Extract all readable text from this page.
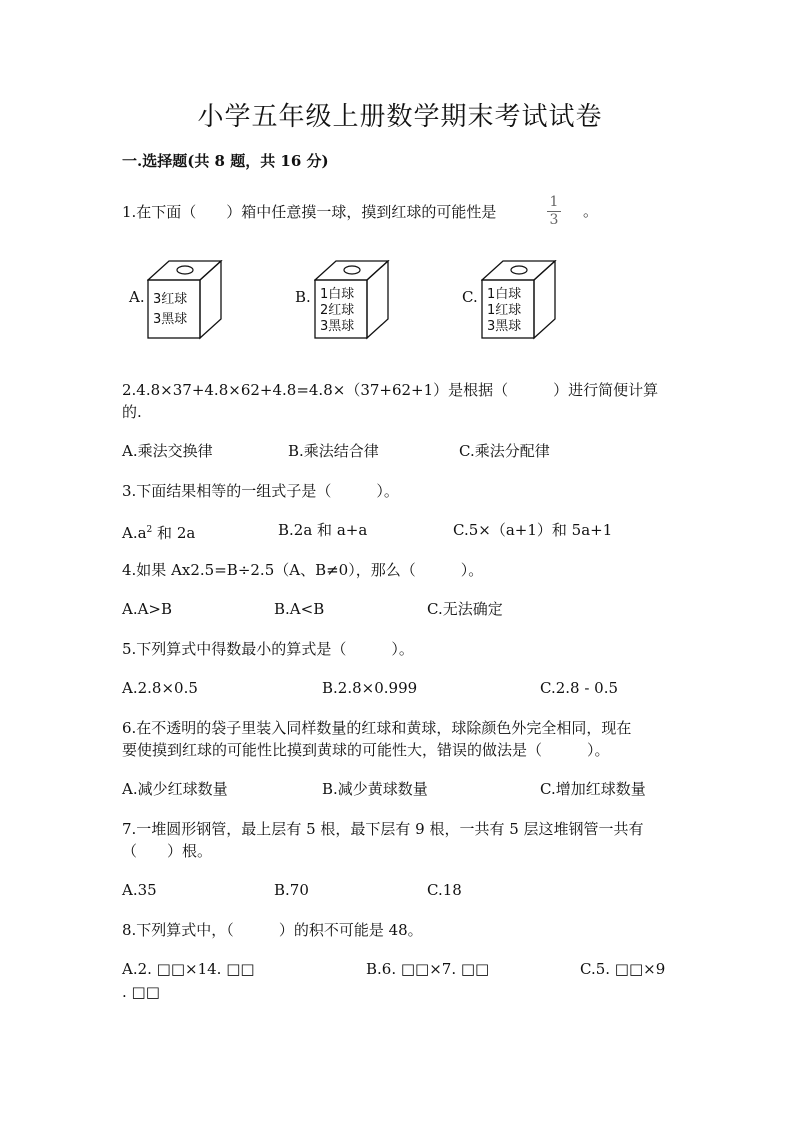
小学五年级上册数学期末考试试卷
一.选择题(共 8 题，共 16 分)
1.在下面（　　）箱中任意摸一球，摸到红球的可能性是
1
3 。
A. 3红球
3黑球
B. 1白球
2红球
3黑球
C. 1白球
1红球
3黑球
2.4.8×37+4.8×62+4.8=4.8×（37+62+1）是根据（　　　）进行简便计算
的.
A.乘法交换律	B.乘法结合律	C.乘法分配律
3.下面结果相等的一组式子是（　　　）。
$A.a^2$ 和 2a	B.2a 和 a+a	C.5×（a+1）和 5a+1
4.如果 Ax2.5=B÷2.5（A、B≠0），那么（　　　）。
A.A>B	B.A<B	C.无法确定
5.下列算式中得数最小的算式是（　　　）。
A.2.8×0.5	B.2.8×0.999	C.2.8 - 0.5
6.在不透明的袋子里装入同样数量的红球和黄球，球除颜色外完全相同，现在
要使摸到红球的可能性比摸到黄球的可能性大，错误的做法是（　　　）。
A.减少红球数量	B.减少黄球数量	C.增加红球数量
7.一堆圆形钢管，最上层有 5 根，最下层有 9 根，一共有 5 层这堆钢管一共有
（　　）根。
A.35	B.70	C.18
8.下列算式中，（　　　）的积不可能是 48。
A.2. □□×14. □□	B.6. □□×7. □□	C.5. □□×9
. □□
